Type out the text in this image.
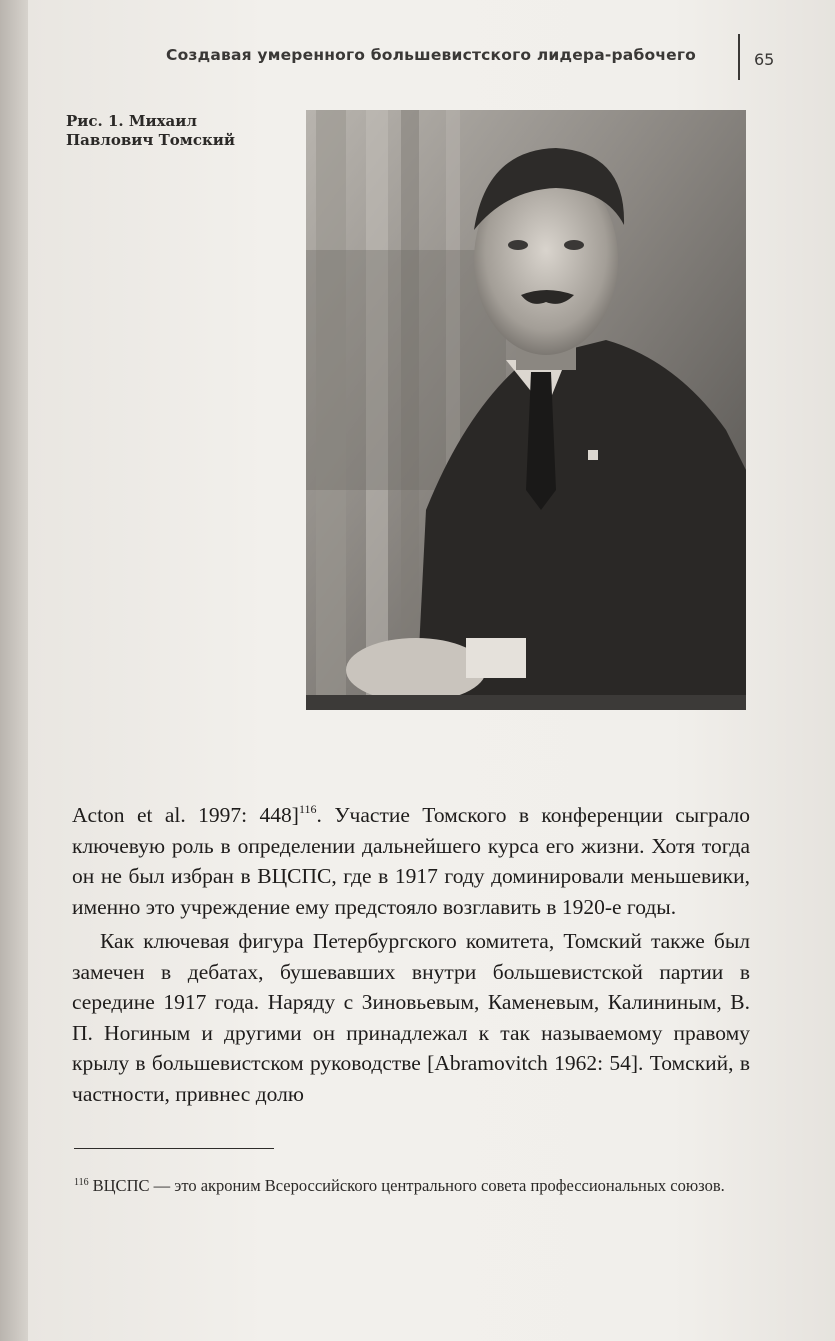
Создавая умеренного большевистского лидера-рабочего	65
Рис. 1. Михаил Павлович Томский

Acton et al. 1997: 448]$^{116}$. Участие Томского в конференции сыграло ключевую роль в определении дальнейшего курса его жизни. Хотя тогда он не был избран в ВЦСПС, где в 1917 году доминировали меньшевики, именно это учреждение ему предстояло возглавить в 1920-е годы.

Как ключевая фигура Петербургского комитета, Томский также был замечен в дебатах, бушевавших внутри большевистской партии в середине 1917 года. Наряду с Зиновьевым, Каменевым, Калининым, В. П. Ногиным и другими он принадлежал к так называемому правому крылу в большевистском руководстве [Abramovitch 1962: 54]. Томский, в частности, привнес долю

$^{116}$ ВЦСПС — это акроним Всероссийского центрального совета профессиональных союзов.
